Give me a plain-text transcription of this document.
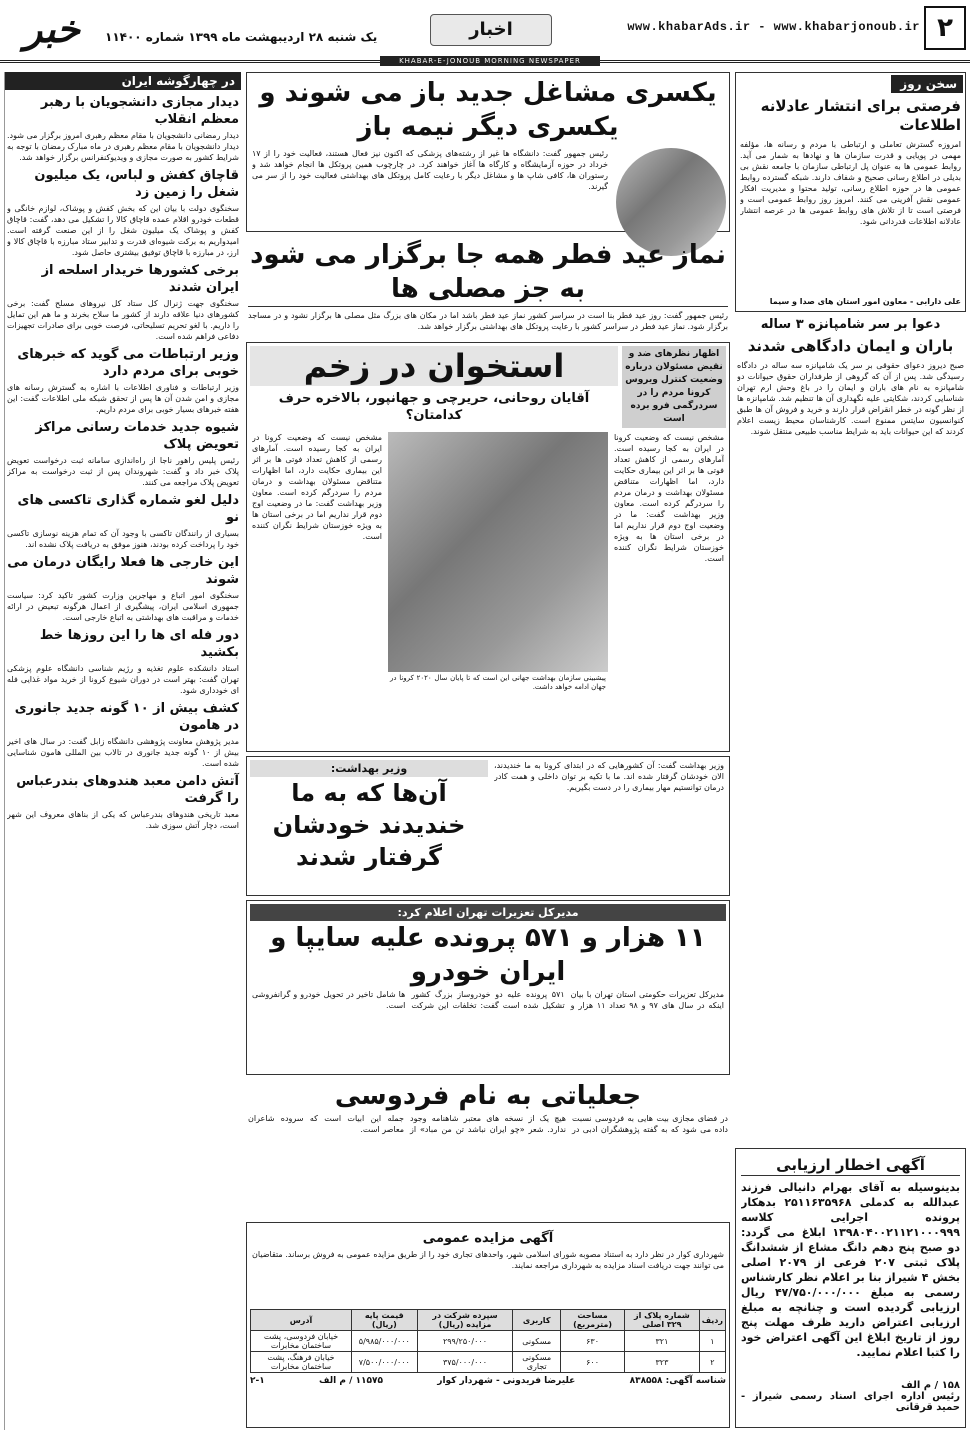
۲
www.khabarAds.ir - www.khabarjonoub.ir
اخبار
یک شنبه ۲۸ اردیبهشت ماه ۱۳۹۹ شماره ۱۱۴۰۰
خبر
KHABAR-E-JONOUB MORNING NEWSPAPER
در چهارگوشه ایران
دیدار مجازی دانشجویان با رهبر معظم انقلاب
دیدار رمضانی دانشجویان با مقام معظم رهبری امروز برگزار می شود. دیدار دانشجویان با مقام معظم رهبری در ماه مبارک رمضان با توجه به شرایط کشور به صورت مجازی و ویدیوکنفرانس برگزار خواهد شد.
قاچاق کفش و لباس، یک میلیون شغل را زمین زد
سخنگوی دولت با بیان این که بخش کفش و پوشاک، لوازم خانگی و قطعات خودرو اقلام عمده قاچاق کالا را تشکیل می دهد، گفت: قاچاق کفش و پوشاک یک میلیون شغل را از این صنعت گرفته است. امیدواریم به برکت شیوه‌ای قدرت و تدابیر ستاد مبارزه با قاچاق کالا و ارز، در مبارزه با قاچاق توفیق بیشتری حاصل شود.
برخی کشورها خریدار اسلحه از ایران شدند
سخنگوی جهت ژنرال کل ستاد کل نیروهای مسلح گفت: برخی کشورهای دنیا علاقه دارند از کشور ما سلاح بخرند و ما هم این تمایل را داریم. با لغو تحریم تسلیحاتی، فرصت خوبی برای صادرات تجهیزات دفاعی فراهم شده است.
وزیر ارتباطات می گوید که خبرهای خوبی برای مردم دارد
وزیر ارتباطات و فناوری اطلاعات با اشاره به گسترش رسانه های مجازی و امن شدن آن ها پس از تحقق شبکه ملی اطلاعات گفت: این هفته خبرهای بسیار خوبی برای مردم داریم.
شیوه جدید خدمات رسانی مراکز تعویض پلاک
رئیس پلیس راهور ناجا از راه‌اندازی سامانه ثبت درخواست تعویض پلاک خبر داد و گفت: شهروندان پس از ثبت درخواست به مراکز تعویض پلاک مراجعه می کنند.
دلیل لغو شماره گذاری تاکسی های نو
بسیاری از رانندگان تاکسی با وجود آن که تمام هزینه نوسازی تاکسی خود را پرداخت کرده بودند، هنوز موفق به دریافت پلاک نشده اند.
این خارجی ها فعلا رایگان درمان می شوند
سخنگوی امور اتباع و مهاجرین وزارت کشور تاکید کرد: سیاست جمهوری اسلامی ایران، پیشگیری از اعمال هرگونه تبعیض در ارائه خدمات و مراقبت های بهداشتی به اتباع خارجی است.
دور فله ای ها را این روزها خط بکشید
استاد دانشکده علوم تغذیه و رژیم شناسی دانشگاه علوم پزشکی تهران گفت: بهتر است در دوران شیوع کرونا از خرید مواد غذایی فله ای خودداری شود.
کشف بیش از ۱۰ گونه جدید جانوری در هامون
مدیر پژوهش معاونت پژوهشی دانشگاه زابل گفت: در سال های اخیر بیش از ۱۰ گونه جدید جانوری در تالاب بین المللی هامون شناسایی شده است.
آتش دامن معبد هندوهای بندرعباس را گرفت
معبد تاریخی هندوهای بندرعباس که یکی از بناهای معروف این شهر است، دچار آتش سوزی شد.
سخن روز
فرصتی برای انتشار عادلانه اطلاعات
امروزه گسترش تعاملی و ارتباطی با مردم و رسانه ها، مؤلفه مهمی در پویایی و قدرت سازمان ها و نهادها به شمار می آید. روابط عمومی ها به عنوان پل ارتباطی سازمان با جامعه نقش بی بدیلی در اطلاع رسانی صحیح و شفاف دارند. شبکه گسترده روابط عمومی ها در حوزه اطلاع رسانی، تولید محتوا و مدیریت افکار عمومی نقش آفرینی می کنند. امروز روز روابط عمومی است و فرصتی است تا از تلاش های روابط عمومی ها در عرصه انتشار عادلانه اطلاعات قدردانی شود.
علی دارابی - معاون امور استان های صدا و سیما
دعوا بر سر شامپانزه ۳ ساله
باران و ایمان دادگاهی شدند
صبح دیروز دعوای حقوقی بر سر یک شامپانزه سه ساله در دادگاه رسیدگی شد. پس از آن که گروهی از طرفداران حقوق حیوانات دو شامپانزه به نام های باران و ایمان را در باغ وحش ارم تهران شناسایی کردند، شکایتی علیه نگهداری آن ها تنظیم شد. شامپانزه ها از نظر گونه در خطر انقراض قرار دارند و خرید و فروش آن ها طبق کنوانسیون سایتس ممنوع است. کارشناسان محیط زیست اعلام کردند که این حیوانات باید به شرایط مناسب طبیعی منتقل شوند.
آگهی اخطار ارزیابی
بدینوسیله به آقای بهرام دانیالی فرزند عبدالله به کدملی ۲۵۱۱۶۳۵۹۶۸ بدهکار پرونده اجرایی کلاسه ۱۳۹۸۰۴۰۰۲۱۱۲۱۰۰۰۹۹۹ ابلاغ می گردد: دو صبح پنج دهم دانگ مشاع از ششدانگ پلاک ثبتی ۲۰۷ فرعی از ۲۰۷۹ اصلی بخش ۴ شیراز بنا بر اعلام نظر کارشناس رسمی به مبلغ ۴۷/۷۵۰/۰۰۰/۰۰۰ ریال ارزیابی گردیده است و چنانچه به مبلغ ارزیابی اعتراض دارید ظرف مهلت پنج روز از تاریخ ابلاغ این آگهی اعتراض خود را کتبا اعلام نمایید.
۱۵۸ / م الف
رئیس اداره اجرای اسناد رسمی شیراز - حمید قرقانی
یکسری مشاغل جدید باز می شوند و یکسری دیگر نیمه باز
رئیس جمهور گفت: دانشگاه ها غیر از رشته‌های پزشکی که اکنون نیز فعال هستند، فعالیت خود را از ۱۷ خرداد در حوزه آزمایشگاه و کارگاه ها آغاز خواهند کرد. در چارچوب همین پروتکل ها انجام خواهد شد و رستوران ها، کافی شاپ ها و مشاغل دیگر با رعایت کامل پروتکل های بهداشتی فعالیت خود را از سر می گیرند.
نماز عید فطر همه جا برگزار می شود به جز مصلی ها
رئیس جمهور گفت: روز عید فطر بنا است در سراسر کشور نماز عید فطر باشد اما در مکان های بزرگ مثل مصلی ها برگزار نشود و در مساجد برگزار شود. نماز عید فطر در سراسر کشور با رعایت پروتکل های بهداشتی برگزار خواهد شد.
اظهار نظرهای ضد و نقیض مسئولان درباره وضعیت کنترل ویروس کرونا مردم را در سردرگمی فرو برده است
استخوان در زخم
آقایان روحانی، حریرچی و جهانپور، بالاخره حرف کدامتان؟
مشخص نیست که وضعیت کرونا در ایران به کجا رسیده است. آمارهای رسمی از کاهش تعداد فوتی ها بر اثر این بیماری حکایت دارد، اما اظهارات متناقض مسئولان بهداشت و درمان مردم را سردرگم کرده است. معاون وزیر بهداشت گفت: ما در وضعیت اوج دوم قرار نداریم اما در برخی استان ها به ویژه خوزستان شرایط نگران کننده است.
پیشبینی سازمان بهداشت جهانی این است که تا پایان سال ۲۰۲۰ کرونا در جهان ادامه خواهد داشت.
مشخص نیست که وضعیت کرونا در ایران به کجا رسیده است. آمارهای رسمی از کاهش تعداد فوتی ها بر اثر این بیماری حکایت دارد، اما اظهارات متناقض مسئولان بهداشت و درمان مردم را سردرگم کرده است. معاون وزیر بهداشت گفت: ما در وضعیت اوج دوم قرار نداریم اما در برخی استان ها به ویژه خوزستان شرایط نگران کننده است.
وزیر بهداشت گفت: آن کشورهایی که در ابتدای کرونا به ما خندیدند، الان خودشان گرفتار شده اند. ما با تکیه بر توان داخلی و همت کادر درمان توانستیم مهار بیماری را در دست بگیریم.
وزیر بهداشت:
آن‌ها که به ما خندیدند خودشان گرفتار شدند
مدیرکل تعزیرات تهران اعلام کرد:
۱۱ هزار و ۵۷۱ پرونده علیه سایپا و ایران خودرو
مدیرکل تعزیرات حکومتی استان تهران با بیان اینکه در سال های ۹۷ و ۹۸ تعداد ۱۱ هزار و ۵۷۱ پرونده علیه دو خودروساز بزرگ کشور تشکیل شده است گفت: تخلفات این شرکت ها شامل تاخیر در تحویل خودرو و گرانفروشی است.
جعلیاتی به نام فردوسی
در فضای مجازی بیت هایی به فردوسی نسبت داده می شود که به گفته پژوهشگران ادبی در هیچ یک از نسخه های معتبر شاهنامه وجود ندارد. شعر «چو ایران نباشد تن من مباد» از جمله این ابیات است که سروده شاعران معاصر است.
آگهی مزایده عمومی
شهرداری کوار در نظر دارد به استناد مصوبه شورای اسلامی شهر، واحدهای تجاری خود را از طریق مزایده عمومی به فروش برساند. متقاضیان می توانند جهت دریافت اسناد مزایده به شهرداری مراجعه نمایند.
ردیف	شماره پلاک از ۳۲۹ اصلی	مساحت (مترمربع)	کاربری	سپرده شرکت در مزایده (ریال)	قیمت پایه (ریال)	آدرس
۱	۳۲۱	۶۳۰	مسکونی	۲۹۹/۲۵۰/۰۰۰	۵/۹۸۵/۰۰۰/۰۰۰	خیابان فردوسی، پشت ساختمان مخابرات
۲	۳۲۳	۶۰۰	مسکونی تجاری	۳۷۵/۰۰۰/۰۰۰	۷/۵۰۰/۰۰۰/۰۰۰	خیابان فرهنگ، پشت ساختمان مخابرات
شناسه آگهی: ۸۳۸۵۵۸
علیرضا فریدونی - شهردار کوار
۱۱۵۷۵ / م الف
۲-۱
